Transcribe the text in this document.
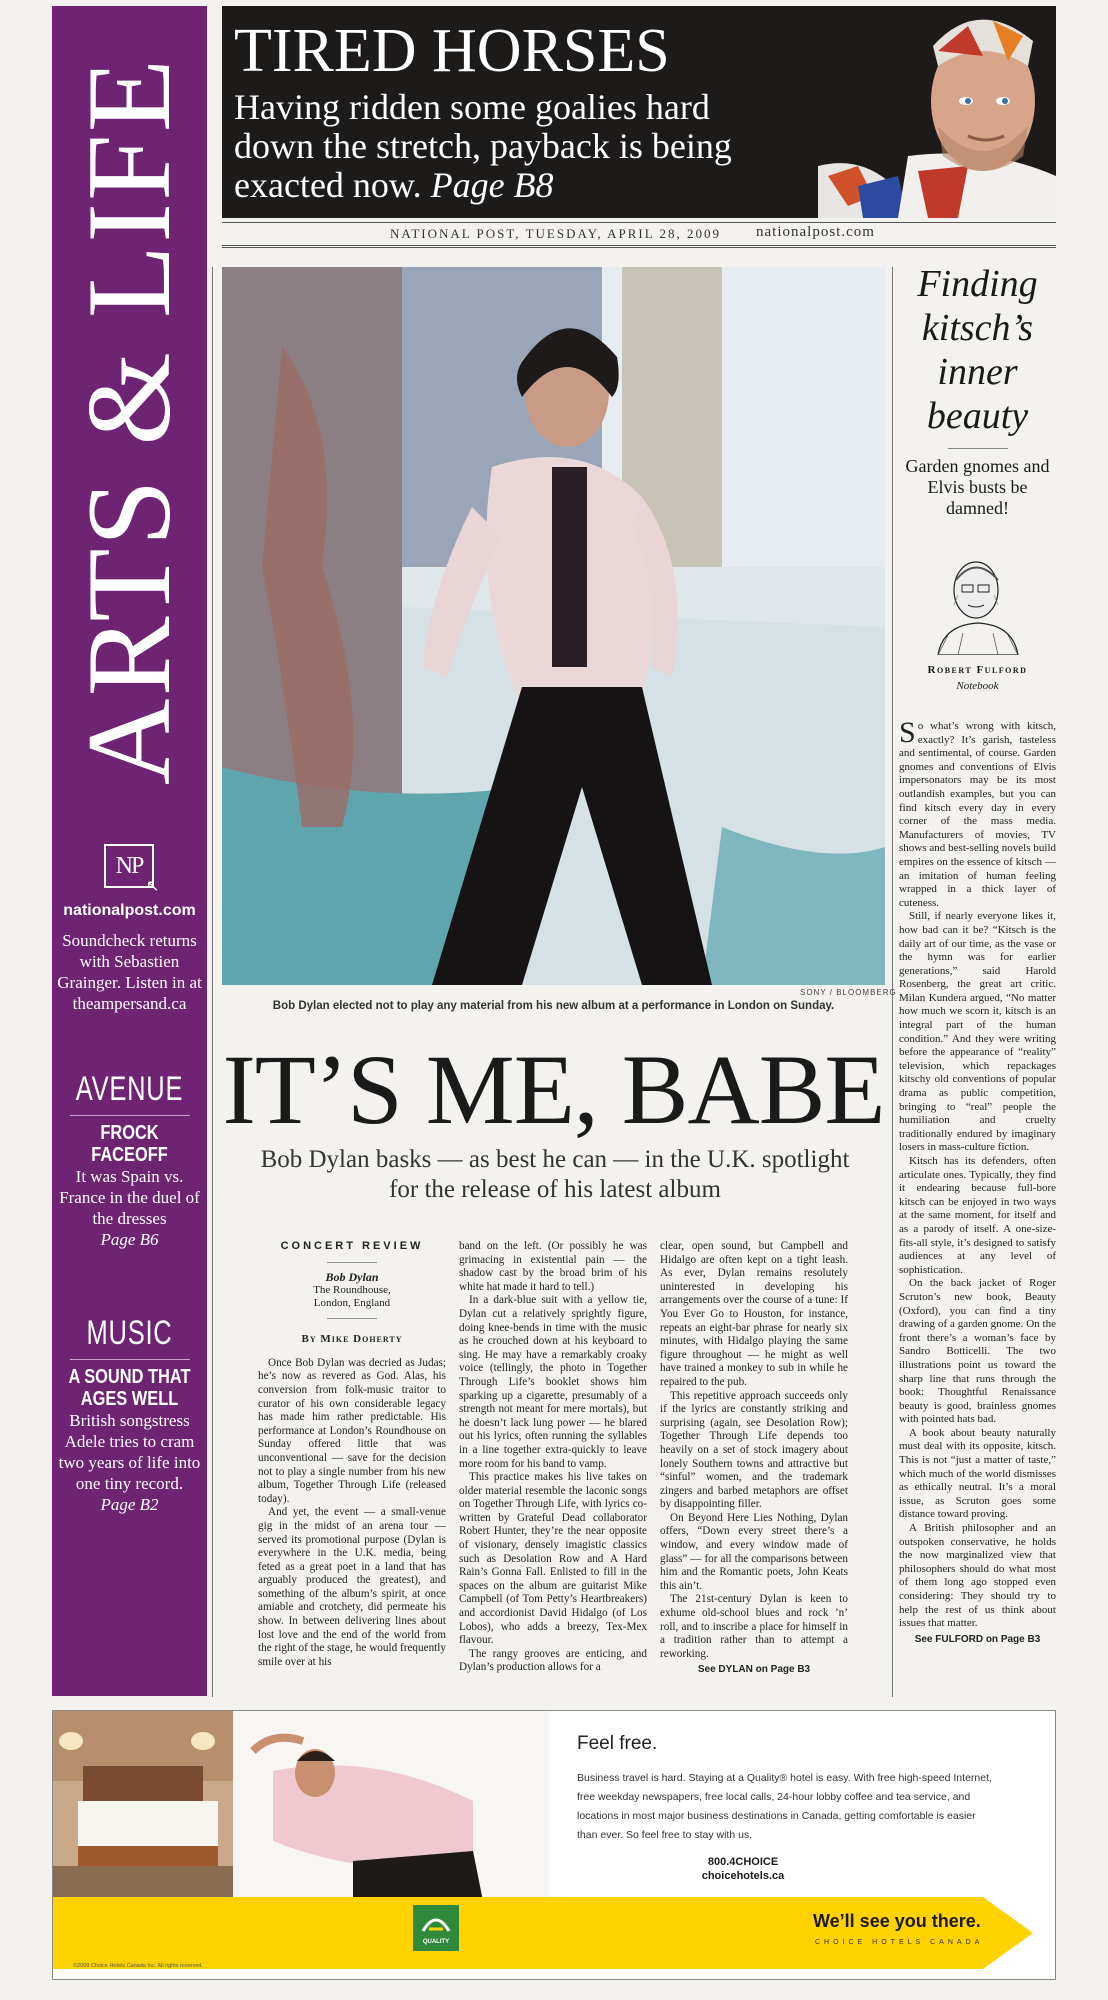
ARTS & LIFE
NP
↖
nationalpost.com
Soundcheck returns with Sebastien Grainger. Listen in at theampersand.ca
AVENUE
FROCK FACEOFF
It was Spain vs. France in the duel of the dresses
Page B6
MUSIC
A SOUND THAT AGES WELL
British songstress Adele tries to cram two years of life into one tiny record.
Page B2
TIRED HORSES
Having ridden some goalies hard down the stretch, payback is being exacted now. Page B8
NATIONAL POST, TUESDAY, APRIL 28, 2009 nationalpost.com
SONY / BLOOMBERG
Bob Dylan elected not to play any material from his new album at a performance in London on Sunday.
IT’S ME, BABE
Bob Dylan basks — as best he can — in the U.K. spotlight for the release of his latest album
CONCERT REVIEW
Bob Dylan
The Roundhouse,
London, England
By Mike Doherty

Once Bob Dylan was decried as Judas; he’s now as revered as God. Alas, his conversion from folk-music traitor to curator of his own considerable legacy has made him rather predictable. His performance at London’s Roundhouse on Sunday offered little that was unconventional — save for the decision not to play a single number from his new album, Together Through Life (released today).

And yet, the event — a small-venue gig in the midst of an arena tour — served its promotional purpose (Dylan is everywhere in the U.K. media, being feted as a great poet in a land that has arguably produced the greatest), and something of the album’s spirit, at once amiable and crotchety, did permeate his show. In between delivering lines about lost love and the end of the world from the right of the stage, he would frequently smile over at his

band on the left. (Or possibly he was grimacing in existential pain — the shadow cast by the broad brim of his white hat made it hard to tell.)

In a dark-blue suit with a yellow tie, Dylan cut a relatively sprightly figure, doing knee-bends in time with the music as he crouched down at his keyboard to sing. He may have a remarkably croaky voice (tellingly, the photo in Together Through Life’s booklet shows him sparking up a cigarette, presumably of a strength not meant for mere mortals), but he doesn’t lack lung power — he blared out his lyrics, often running the syllables in a line together extra-quickly to leave more room for his band to vamp.

This practice makes his live takes on older material resemble the laconic songs on Together Through Life, with lyrics co-written by Grateful Dead collaborator Robert Hunter, they’re the near opposite of visionary, densely imagistic classics such as Desolation Row and A Hard Rain’s Gonna Fall. Enlisted to fill in the spaces on the album are guitarist Mike Campbell (of Tom Petty’s Heartbreakers) and accordionist David Hidalgo (of Los Lobos), who adds a breezy, Tex-Mex flavour.

The rangy grooves are enticing, and Dylan’s production allows for a

clear, open sound, but Campbell and Hidalgo are often kept on a tight leash. As ever, Dylan remains resolutely uninterested in developing his arrangements over the course of a tune: If You Ever Go to Houston, for instance, repeats an eight-bar phrase for nearly six minutes, with Hidalgo playing the same figure throughout — he might as well have trained a monkey to sub in while he repaired to the pub.

This repetitive approach succeeds only if the lyrics are constantly striking and surprising (again, see Desolation Row); Together Through Life depends too heavily on a set of stock imagery about lonely Southern towns and attractive but “sinful” women, and the trademark zingers and barbed metaphors are offset by disappointing filler.

On Beyond Here Lies Nothing, Dylan offers, “Down every street there’s a window, and every window made of glass” — for all the comparisons between him and the Romantic poets, John Keats this ain’t.

The 21st-century Dylan is keen to exhume old-school blues and rock ’n’ roll, and to inscribe a place for himself in a tradition rather than to attempt a reworking.

See DYLAN on Page B3
Finding kitsch’s inner beauty
Garden gnomes and Elvis busts be damned!
Robert Fulford
Notebook

So what’s wrong with kitsch, exactly? It’s garish, tasteless and sentimental, of course. Garden gnomes and conventions of Elvis impersonators may be its most outlandish examples, but you can find kitsch every day in every corner of the mass media. Manufacturers of movies, TV shows and best-selling novels build empires on the essence of kitsch — an imitation of human feeling wrapped in a thick layer of cuteness.

Still, if nearly everyone likes it, how bad can it be? “Kitsch is the daily art of our time, as the vase or the hymn was for earlier generations,” said Harold Rosenberg, the great art critic. Milan Kundera argued, “No matter how much we scorn it, kitsch is an integral part of the human condition.” And they were writing before the appearance of “reality” television, which repackages kitschy old conventions of popular drama as public competition, bringing to “real” people the humiliation and cruelty traditionally endured by imaginary losers in mass-culture fiction.

Kitsch has its defenders, often articulate ones. Typically, they find it endearing because full-bore kitsch can be enjoyed in two ways at the same moment, for itself and as a parody of itself. A one-size-fits-all style, it’s designed to satisfy audiences at any level of sophistication.

On the back jacket of Roger Scruton’s new book, Beauty (Oxford), you can find a tiny drawing of a garden gnome. On the front there’s a woman’s face by Sandro Botticelli. The two illustrations point us toward the sharp line that runs through the book: Thoughtful Renaissance beauty is good, brainless gnomes with pointed hats bad.

A book about beauty naturally must deal with its opposite, kitsch. This is not “just a matter of taste,” which much of the world dismisses as ethically neutral. It’s a moral issue, as Scruton goes some distance toward proving.

A British philosopher and an outspoken conservative, he holds the now marginalized view that philosophers should do what most of them long ago stopped even considering: They should try to help the rest of us think about issues that matter.

See FULFORD on Page B3
Feel free.
Business travel is hard. Staying at a Quality® hotel is easy. With free high-speed Internet, free weekday newspapers, free local calls, 24-hour lobby coffee and tea service, and locations in most major business destinations in Canada, getting comfortable is easier than ever. So feel free to stay with us.
800.4CHOICE
choicehotels.ca
QUALITY
We’ll see you there.
CHOICE HOTELS CANADA
©2009 Choice Hotels Canada Inc. All rights reserved.
